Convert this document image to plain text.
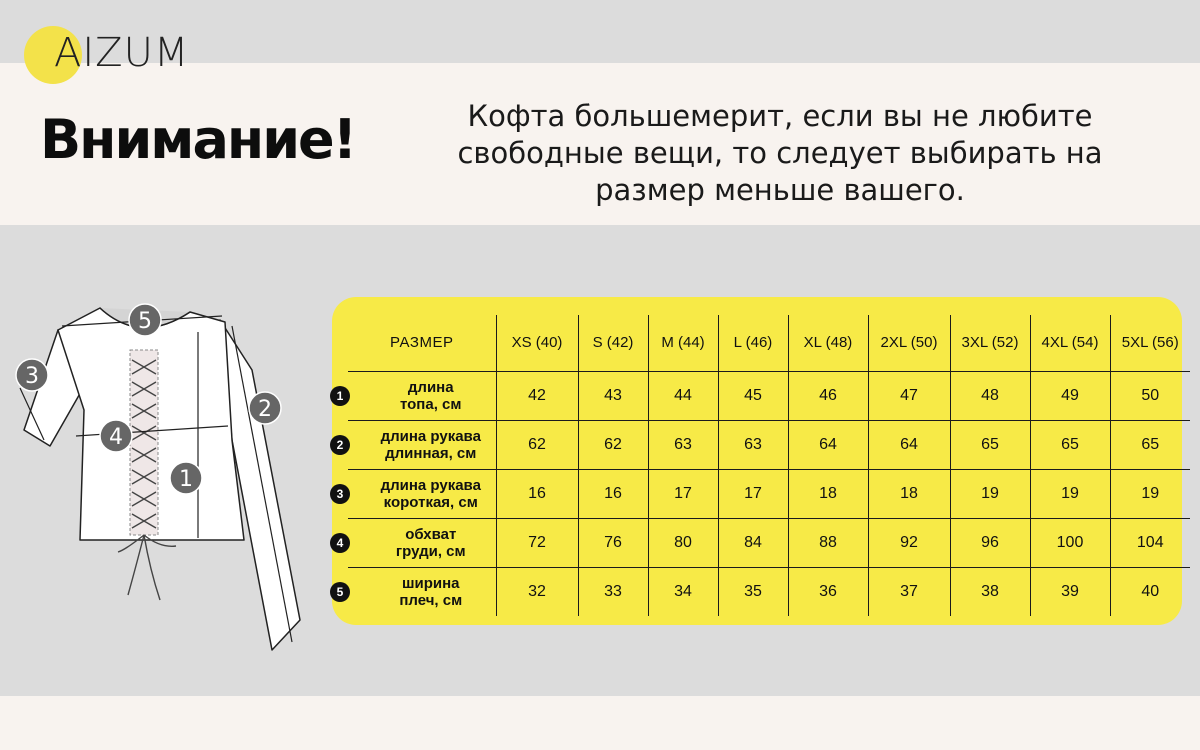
AIZUM
Внимание!	Кофта большемерит, если вы не любите свободные вещи, то следует выбирать на размер меньше вашего.
5
3
2
4
1
РАЗМЕР	XS (40)	S (42)	M (44)	L (46)	XL (48)	2XL (50)	3XL (52)	4XL (54)	5XL (56)

1 длина
топа, см	42	43	44	45	46	47	48	49	50

2 длина рукава
длинная, см	62	62	63	63	64	64	65	65	65

3 длина рукава
короткая, см	16	16	17	17	18	18	19	19	19

4 обхват
груди, см	72	76	80	84	88	92	96	100	104

5 ширина
плеч, см	32	33	34	35	36	37	38	39	40
